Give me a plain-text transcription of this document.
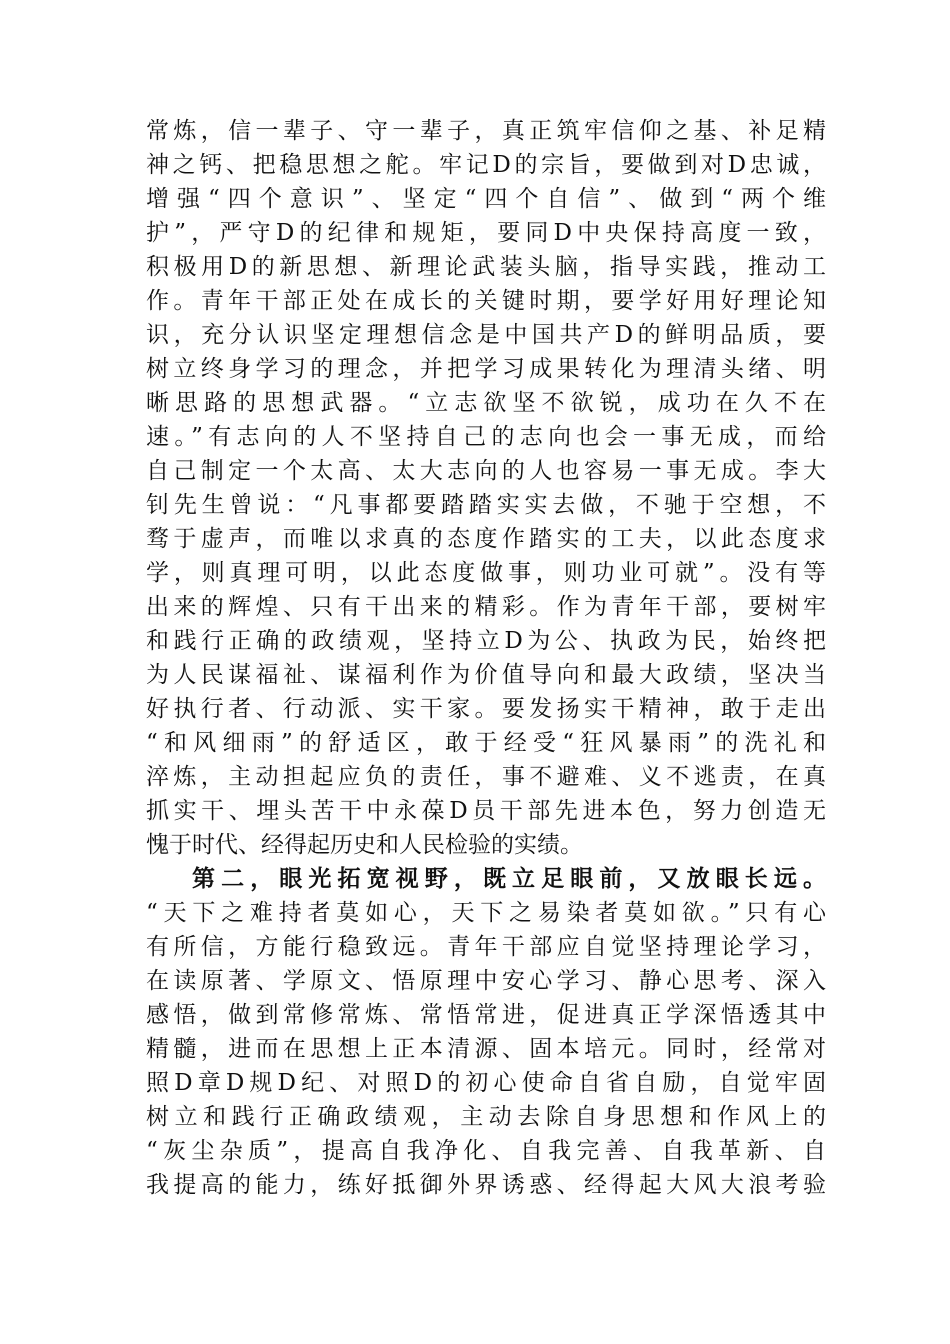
常炼，信一辈子、守一辈子，真正筑牢信仰之基、补足精
神之钙、把稳思想之舵。牢记D的宗旨，要做到对D忠诚，
增强“四个意识”、坚定“四个自信”、做到“两个维
护”，严守D的纪律和规矩，要同D中央保持高度一致，
积极用D的新思想、新理论武装头脑，指导实践，推动工
作。青年干部正处在成长的关键时期，要学好用好理论知
识，充分认识坚定理想信念是中国共产D的鲜明品质，要
树立终身学习的理念，并把学习成果转化为理清头绪、明
晰思路的思想武器。“立志欲坚不欲锐，成功在久不在
速。”有志向的人不坚持自己的志向也会一事无成，而给
自己制定一个太高、太大志向的人也容易一事无成。李大
钊先生曾说：“凡事都要踏踏实实去做，不驰于空想，不
骛于虚声，而唯以求真的态度作踏实的工夫，以此态度求
学，则真理可明，以此态度做事，则功业可就”。没有等
出来的辉煌、只有干出来的精彩。作为青年干部，要树牢
和践行正确的政绩观，坚持立D为公、执政为民，始终把
为人民谋福祉、谋福利作为价值导向和最大政绩，坚决当
好执行者、行动派、实干家。要发扬实干精神，敢于走出
“和风细雨”的舒适区，敢于经受“狂风暴雨”的洗礼和
淬炼，主动担起应负的责任，事不避难、义不逃责，在真
抓实干、埋头苦干中永葆D员干部先进本色，努力创造无
愧于时代、经得起历史和人民检验的实绩。
第二，眼光拓宽视野，既立足眼前，又放眼长远。
“天下之难持者莫如心，天下之易染者莫如欲。”只有心
有所信，方能行稳致远。青年干部应自觉坚持理论学习，
在读原著、学原文、悟原理中安心学习、静心思考、深入
感悟，做到常修常炼、常悟常进，促进真正学深悟透其中
精髓，进而在思想上正本清源、固本培元。同时，经常对
照D章D规D纪、对照D的初心使命自省自励，自觉牢固
树立和践行正确政绩观，主动去除自身思想和作风上的
“灰尘杂质”，提高自我净化、自我完善、自我革新、自
我提高的能力，练好抵御外界诱惑、经得起大风大浪考验
